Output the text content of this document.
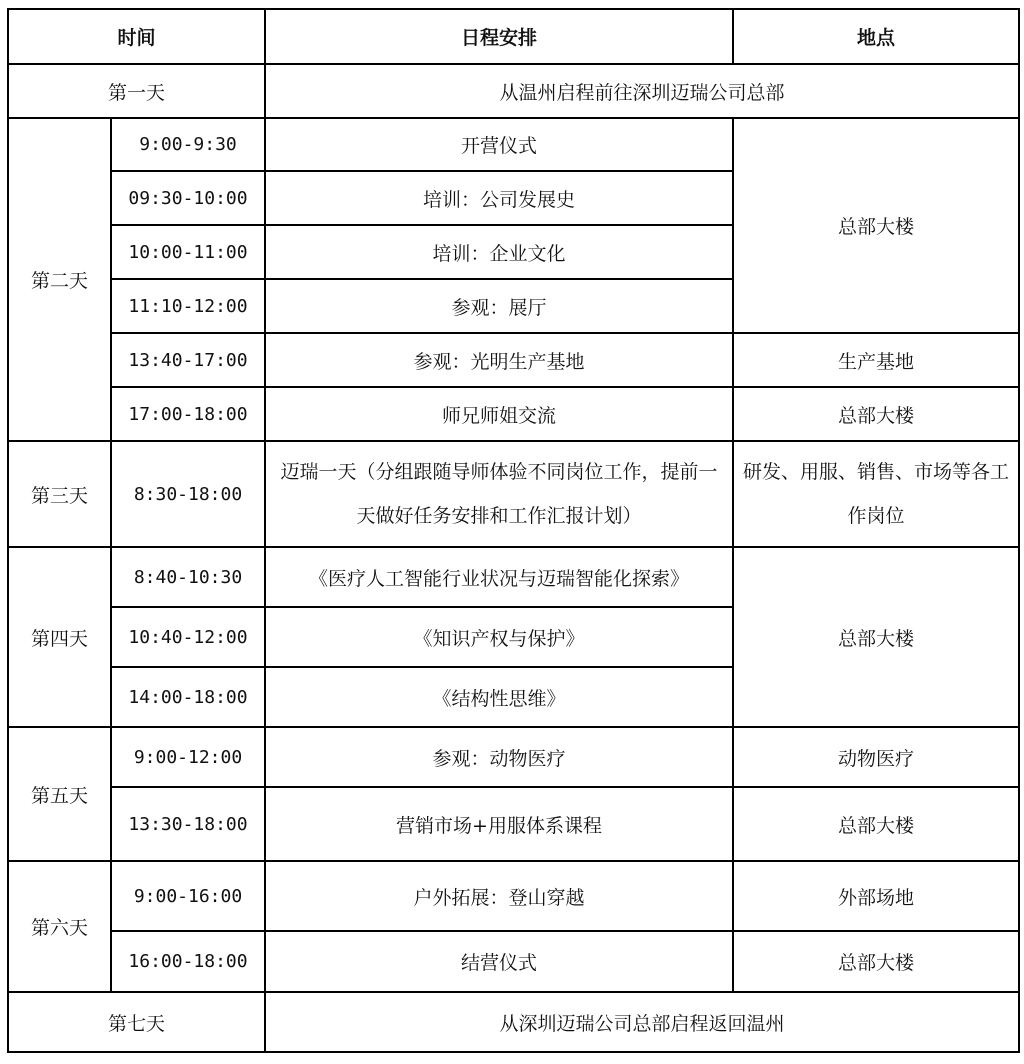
时间		日程安排	地点
第一天		从温州启程前往深圳迈瑞公司总部	
第二天	9:00-9:30	开营仪式	总部大楼
	09:30-10:00	培训：公司发展史	
	10:00-11:00	培训：企业文化	
	11:10-12:00	参观：展厅	
	13:40-17:00	参观：光明生产基地	生产基地
	17:00-18:00	师兄师姐交流	总部大楼
第三天	8:30-18:00	迈瑞一天（分组跟随导师体验不同岗位工作，提前一天做好任务安排和工作汇报计划）	研发、用服、销售、市场等各工作岗位
第四天	8:40-10:30	《医疗人工智能行业状况与迈瑞智能化探索》	总部大楼
	10:40-12:00	《知识产权与保护》	
	14:00-18:00	《结构性思维》	
第五天	9:00-12:00	参观：动物医疗	动物医疗
	13:30-18:00	营销市场+用服体系课程	总部大楼
第六天	9:00-16:00	户外拓展：登山穿越	外部场地
	16:00-18:00	结营仪式	总部大楼
第七天		从深圳迈瑞公司总部启程返回温州	
